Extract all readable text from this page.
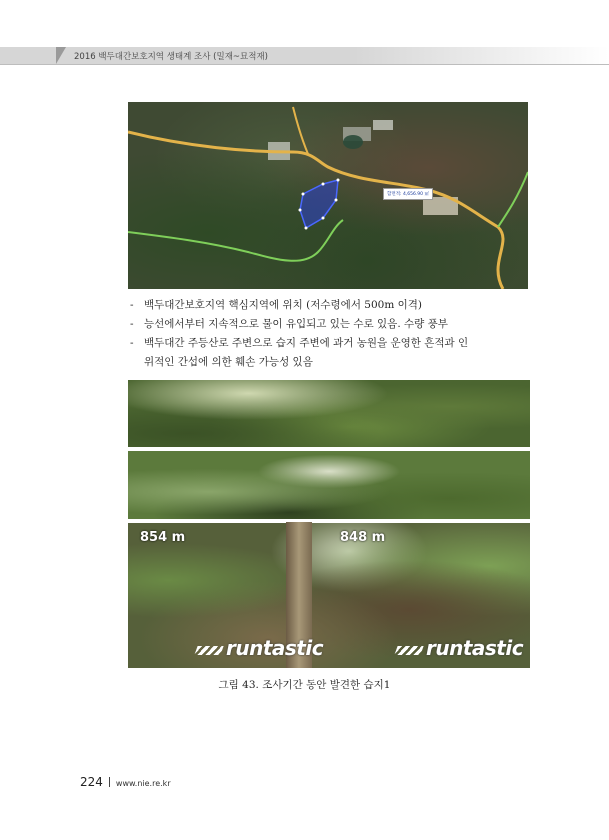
2016 백두대간보호지역 생태계 조사 (밀재~묘적재)
합면적: 4,656.90 ㎡
- 백두대간보호지역 핵심지역에 위치 (저수령에서 500m 이격)
- 능선에서부터 지속적으로 물이 유입되고 있는 수로 있음. 수량 풍부
- 백두대간 주등산로 주변으로 습지 주변에 과거 농원을 운영한 흔적과 인
위적인 간섭에 의한 훼손 가능성 있음
854 m	848 m
runtastic	runtastic
그림 43. 조사기간 동안 발견한 습지1
224 www.nie.re.kr
